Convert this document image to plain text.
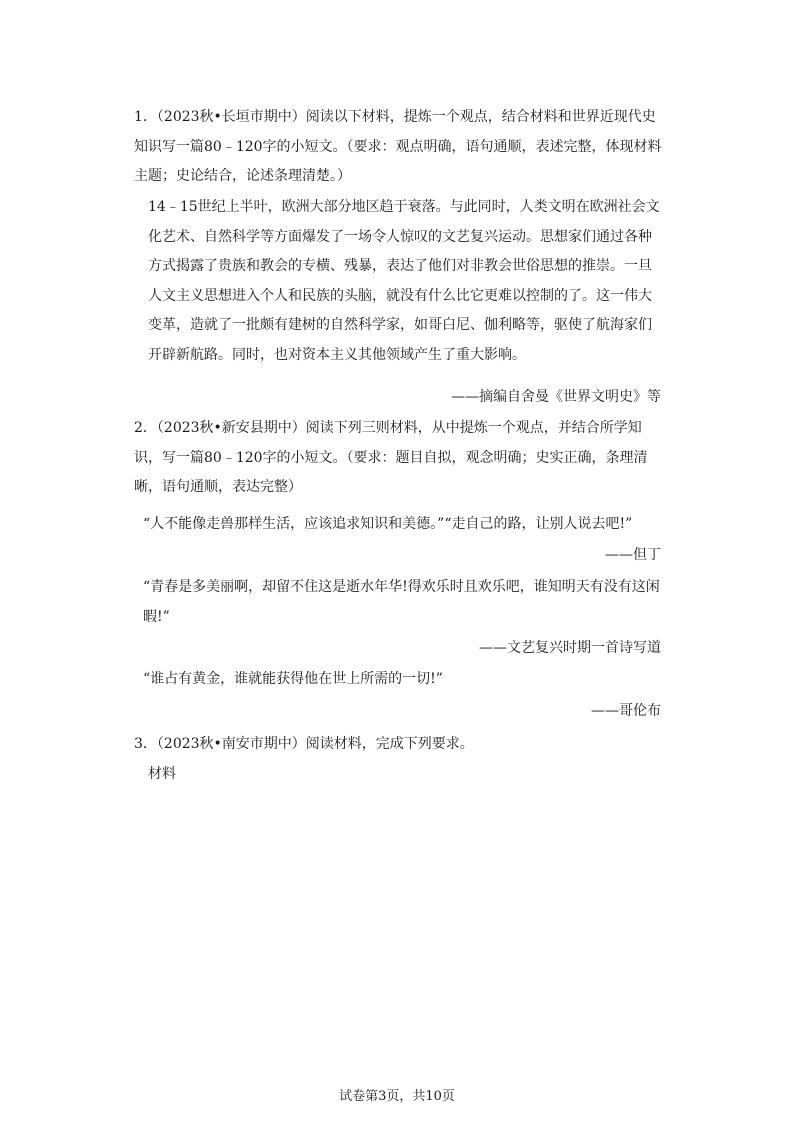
1．（2023秋•长垣市期中）阅读以下材料，提炼一个观点，结合材料和世界近现代史知识写一篇80﹣120字的小短文。（要求：观点明确，语句通顺，表述完整，体现材料主题；史论结合，论述条理清楚。）

14﹣15世纪上半叶，欧洲大部分地区趋于衰落。与此同时，人类文明在欧洲社会文化艺术、自然科学等方面爆发了一场令人惊叹的文艺复兴运动。思想家们通过各种方式揭露了贵族和教会的专横、残暴，表达了他们对非教会世俗思想的推崇。一旦人文主义思想进入个人和民族的头脑，就没有什么比它更难以控制的了。这一伟大变革，造就了一批颇有建树的自然科学家，如哥白尼、伽利略等，驱使了航海家们开辟新航路。同时，也对资本主义其他领域产生了重大影响。

——摘编自舍曼《世界文明史》等

2．（2023秋•新安县期中）阅读下列三则材料，从中提炼一个观点，并结合所学知识，写一篇80﹣120字的小短文。（要求：题目自拟，观念明确；史实正确，条理清晰，语句通顺，表达完整）

“人不能像走兽那样生活，应该追求知识和美德。”“走自己的路，让别人说去吧!”

——但丁

“青春是多美丽啊，却留不住这是逝水年华!得欢乐时且欢乐吧，谁知明天有没有这闲暇!”

——文艺复兴时期一首诗写道

“谁占有黄金，谁就能获得他在世上所需的一切!”

——哥伦布

3．（2023秋•南安市期中）阅读材料，完成下列要求。

材料

试卷第3页，共10页
